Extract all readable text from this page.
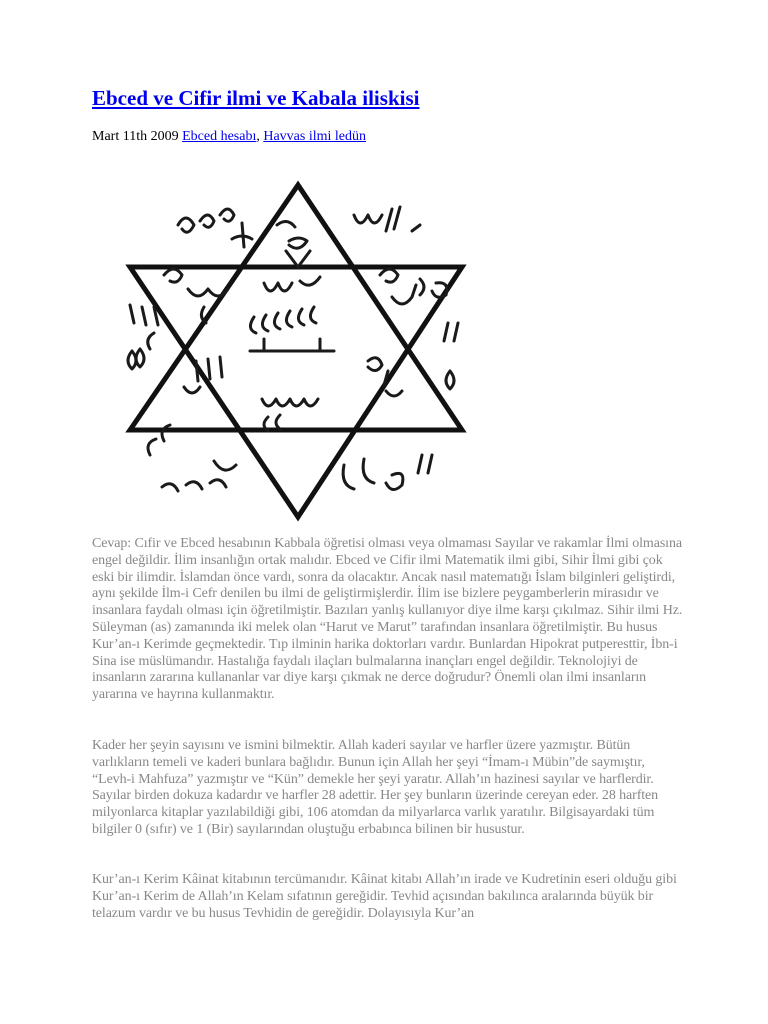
Ebced ve Cifir ilmi ve Kabala iliskisi
Mart 11th 2009 Ebced hesabı, Havvas ilmi ledün

Cevap: Cıfir ve Ebced hesabının Kabbala öğretisi olması veya olmaması Sayılar ve rakamlar İlmi olmasına engel değildir. İlim insanlığın ortak malıdır. Ebced ve Cifir ilmi Matematik ilmi gibi, Sihir İlmi gibi çok eski bir ilimdir. İslamdan önce vardı, sonra da olacaktır. Ancak nasıl matematığı İslam bilginleri geliştirdi, aynı şekilde İlm-i Cefr denilen bu ilmi de geliştirmişlerdir. İlim ise bizlere peygamberlerin mirasıdır ve insanlara faydalı olması için öğretilmiştir. Bazıları yanlış kullanıyor diye ilme karşı çıkılmaz. Sihir ilmi Hz. Süleyman (as) zamanında iki melek olan “Harut ve Marut” tarafından insanlara öğretilmiştir. Bu husus Kur’an-ı Kerimde geçmektedir. Tıp ilminin harika doktorları vardır. Bunlardan Hipokrat putperesttir, İbn-i Sina ise müslümandır. Hastalığa faydalı ilaçları bulmalarına inançları engel değildir. Teknolojiyi de insanların zararına kullananlar var diye karşı çıkmak ne derce doğrudur? Önemli olan ilmi insanların yararına ve hayrına kullanmaktır.

Kader her şeyin sayısını ve ismini bilmektir. Allah kaderi sayılar ve harfler üzere yazmıştır. Bütün varlıkların temeli ve kaderi bunlara bağlıdır. Bunun için Allah her şeyi “İmam-ı Mübin”de saymıştır, “Levh-i Mahfuza” yazmıştır ve “Kün” demekle her şeyi yaratır. Allah’ın hazinesi sayılar ve harflerdir. Sayılar birden dokuza kadardır ve harfler 28 adettir. Her şey bunların üzerinde cereyan eder. 28 harften milyonlarca kitaplar yazılabildiği gibi, 106 atomdan da milyarlarca varlık yaratılır. Bilgisayardaki tüm bilgiler 0 (sıfır) ve 1 (Bir) sayılarından oluştuğu erbabınca bilinen bir husustur.

Kur’an-ı Kerim Kâinat kitabının tercümanıdır. Kâinat kitabı Allah’ın irade ve Kudretinin eseri olduğu gibi Kur’an-ı Kerim de Allah’ın Kelam sıfatının gereğidir. Tevhid açısından bakılınca aralarında büyük bir telazum vardır ve bu husus Tevhidin de gereğidir. Dolayısıyla Kur’an
